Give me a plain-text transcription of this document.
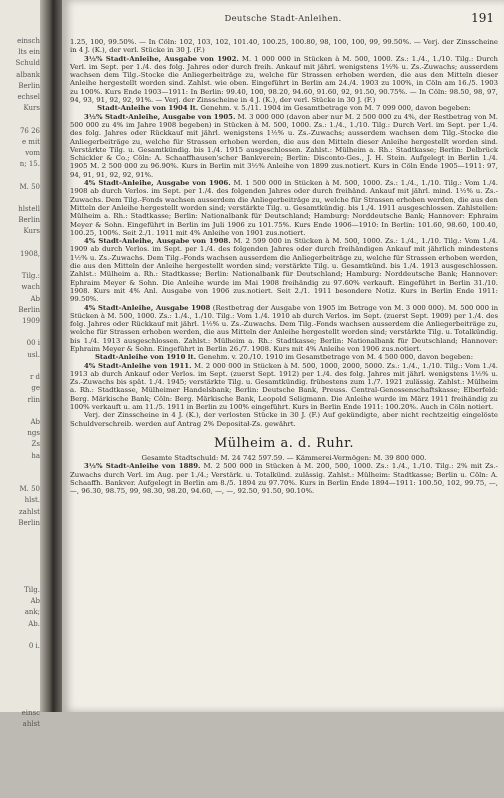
einsch
lts ein
Schuld
albank
Berlin
echsel
Kurs

76 26
e mit
vom
n; 15.

M. 50

hlstell
Berlin
Kurs

1908,

Tilg.:
wach
Ab
Berlin
1909

00 i
usl.

r d
ge
rlin

Ab
ngs
Zs
ha

M. 50
hlst.
zahlst
Berlin

Tilg.
Ab
ank;
Ab.

0 i.

einsc
ahlst

Deutsche Stadt-Anleihen.	191

1.25, 100, 99.50%. — In Cöln: 102, 103, 102, 101.40, 100.25, 100.80, 98, 100, 100, 99, 99.50%. — Verj. der Zinsscheine in 4 J. (K.), der verl. Stücke in 30 J. (F.)

3½% Stadt-Anleihe, Ausgabe von 1902. M. 1 000 000 in Stücken à M. 500, 1000. Zs.: 1./4., 1./10. Tilg.: Durch Verl. im Sept. per 1./4. des folg. Jahres oder durch freih. Ankauf mit jährl. wenigstens 1½% u. Zs.-Zuwachs; ausserdem wachsen dem Tilg.-Stocke die Anliegerbeiträge zu, welche für Strassen erhoben werden, die aus den Mitteln dieser Anleihe hergestellt worden sind. Zahlst. wie oben. Eingeführt in Berlin am 24./4. 1903 zu 100%, in Cöln am 16./5. 1903 zu 100%. Kurs Ende 1903—1911: In Berlin: 99.40, 100, 98.20, 94.60, 91.60, 92, 91.50, 90.75%. — In Cöln: 98.50, 98, 97, 94, 93, 91, 92, 92, 91%. — Verj. der Zinsscheine in 4 J. (K.), der verl. Stücke in 30 J. (F.)

Stadt-Anleihe von 1904 lt. Genehm. v. 5./11. 1904 im Gesamtbetrage von M. 7 099 000, davon begeben:

3½% Stadt-Anleihe, Ausgabe von 1905. M. 3 000 000 (davon aber nur M. 2 500 000 zu 4%, der Restbetrag von M. 500 000 zu 4% im Jahre 1908 begeben) in Stücken à M. 500, 1000. Zs.: 1./4., 1./10. Tilg.: Durch Verl. im Sept. per 1./4. des folg. Jahres oder Rückkauf mit jährl. wenigstens 1½% u. Zs.-Zuwachs; ausserdem wachsen dem Tilg.-Stocke die Anliegerbeiträge zu, welche für Strassen erhoben werden, die aus den Mitteln dieser Anleihe hergestellt worden sind. Verstärkte Tilg. u. Gesamtkündig. bis 1./4. 1915 ausgeschlossen. Zahlst.: Mülheim a. Rh.: Stadtkasse; Berlin: Delbrück Schickler & Co.; Cöln: A. Schaaffhausen'scher Bankverein; Berlin: Disconto-Ges., J. H. Stein. Aufgelegt in Berlin 1./4. 1905 M. 2 500 000 zu 96.90%. Kurs in Berlin mit 3½% Anleihe von 1899 zus.notiert. Kurs in Cöln Ende 1905—1911: 97, 94, 91, 91, 92, 92, 91%.

4% Stadt-Anleihe, Ausgabe von 1906. M. 1 500 000 in Stücken à M. 500, 1000. Zs.: 1./4., 1./10. Tilg.: Vom 1./4. 1908 ab durch Verlos. im Sept. per 1./4. des folgenden Jahres oder durch freihänd. Ankauf mit jährl. mind. 1½% u. Zs.-Zuwachs. Dem Tilg.-Fonds wachsen ausserdem die Anliegerbeiträge zu, welche für Strassen erhoben werden, die aus den Mitteln der Anleihe hergestellt worden sind; verstärkte Tilg. u. Gesamtkündig. bis 1./4. 1911 ausgeschlossen. Zahlstellen: Mülheim a. Rh.: Stadtkasse; Berlin: Nationalbank für Deutschland; Hamburg: Norddeutsche Bank; Hannover: Ephraim Meyer & Sohn. Eingeführt in Berlin im Juli 1906 zu 101.75%. Kurs Ende 1906—1910: In Berlin: 101.60, 98.60, 100.40, 100.25, 100%. Seit 2./1. 1911 mit 4% Anleihe von 1901 zus.notiert.

4% Stadt-Anleihe, Ausgabe von 1908. M. 2 599 000 in Stücken à M. 500, 1000. Zs.: 1./4., 1./10. Tilg.: Vom 1./4. 1909 ab durch Verlos. im Sept. per 1./4. des folgenden Jahres oder durch freihändigen Ankauf mit jährlich mindestens 1½% u. Zs.-Zuwachs. Dem Tilg.-Fonds wachsen ausserdem die Anliegerbeiträge zu, welche für Strassen erhoben werden, die aus den Mitteln der Anleihe hergestellt worden sind; verstärkte Tilg. u. Gesamtkünd. bis 1./4. 1913 ausgeschlossen. Zahlst.: Mülheim a. Rh.: Stadtkasse; Berlin: Nationalbank für Deutschland; Hamburg: Norddeutsche Bank; Hannover: Ephraim Meyer & Sohn. Die Anleihe wurde im Mai 1908 freihändig zu 97.60% verkauft. Eingeführt in Berlin 31./10. 1908. Kurs mit 4% Anl. Ausgabe von 1906 zus.notiert. Seit 2./1. 1911 besondere Notiz. Kurs in Berlin Ende 1911: 99.50%.

4% Stadt-Anleihe, Ausgabe 1908 (Restbetrag der Ausgabe von 1905 im Betrage von M. 3 000 000). M. 500 000 in Stücken à M. 500, 1000. Zs.: 1./4., 1./10. Tilg.: Vom 1./4. 1910 ab durch Verlos. im Sept. (zuerst Sept. 1909) per 1./4. des folg. Jahres oder Rückkauf mit jährl. 1½% u. Zs.-Zuwachs. Dem Tilg.-Fonds wachsen ausserdem die Anliegerbeiträge zu, welche für Strassen erhoben werden, die aus Mitteln der Anleihe hergestellt worden sind; verstärkte Tilg. u. Totalkündig. bis 1./4. 1913 ausgeschlossen. Zahlst.: Mülheim a. Rh.: Stadtkasse; Berlin: Nationalbank für Deutschland; Hannover: Ephraim Meyer & Sohn. Eingeführt in Berlin 26./7. 1908. Kurs mit 4% Anleihe von 1906 zus.notiert.

Stadt-Anleihe von 1910 lt. Genehm. v. 20./10. 1910 im Gesamtbetrage von M. 4 500 000, davon begeben:

4% Stadt-Anleihe von 1911. M. 2 000 000 in Stücken à M. 500, 1000, 2000, 5000. Zs.: 1./4., 1./10. Tilg.: Vom 1./4. 1913 ab durch Ankauf oder Verlos. im Sept. (zuerst Sept. 1912) per 1./4. des folg. Jahres mit jährl. wenigstens 1½% u. Zs.-Zuwachs bis spät. 1./4. 1945; verstärkte Tilg. u. Gesamtkündig. frühestens zum 1./7. 1921 zulässig. Zahlst.: Mülheim a. Rh.: Stadtkasse, Mülheimer Handelsbank; Berlin: Deutsche Bank, Preuss. Central-Genossenschaftskasse; Elberfeld: Berg. Märkische Bank; Cöln: Berg. Märkische Bank, Leopold Seligmann. Die Anleihe wurde im März 1911 freihändig zu 100% verkauft u. am 11./5. 1911 in Berlin zu 100% eingeführt. Kurs in Berlin Ende 1911: 100.20%. Auch in Cöln notiert.

Verj. der Zinsscheine in 4 J. (K.), der verlosten Stücke in 30 J. (F.) Auf gekündigte, aber nicht rechtzeitig eingelöste Schuldverschreib. werden auf Antrag 2% Depositał-Zs. gewährt.

Mülheim a. d. Ruhr.

Gesamte Stadtschuld: M. 24 742 597.59. — Kämmerei-Vermögen: M. 39 800 000.

3½% Stadt-Anleihe von 1889. M. 2 500 000 in Stücken à M. 200, 500, 1000. Zs.: 1./4., 1./10. Tilg.: 2% mit Zs.-Zuwachs durch Verl. im Aug. per 1./4.; Verstärk. u. Totalkünd. zulässig. Zahlst.: Mülheim: Stadtkasse; Berlin u. Cöln: A. Schaaffh. Bankver. Aufgelegt in Berlin am 8./5. 1894 zu 97.70%. Kurs in Berlin Ende 1894—1911: 100.50, 102, 99.75, —, —, 96.30, 98.75, 99, 98.30, 98.20, 94.60, —, —, 92.50, 91.50, 90.10%.
